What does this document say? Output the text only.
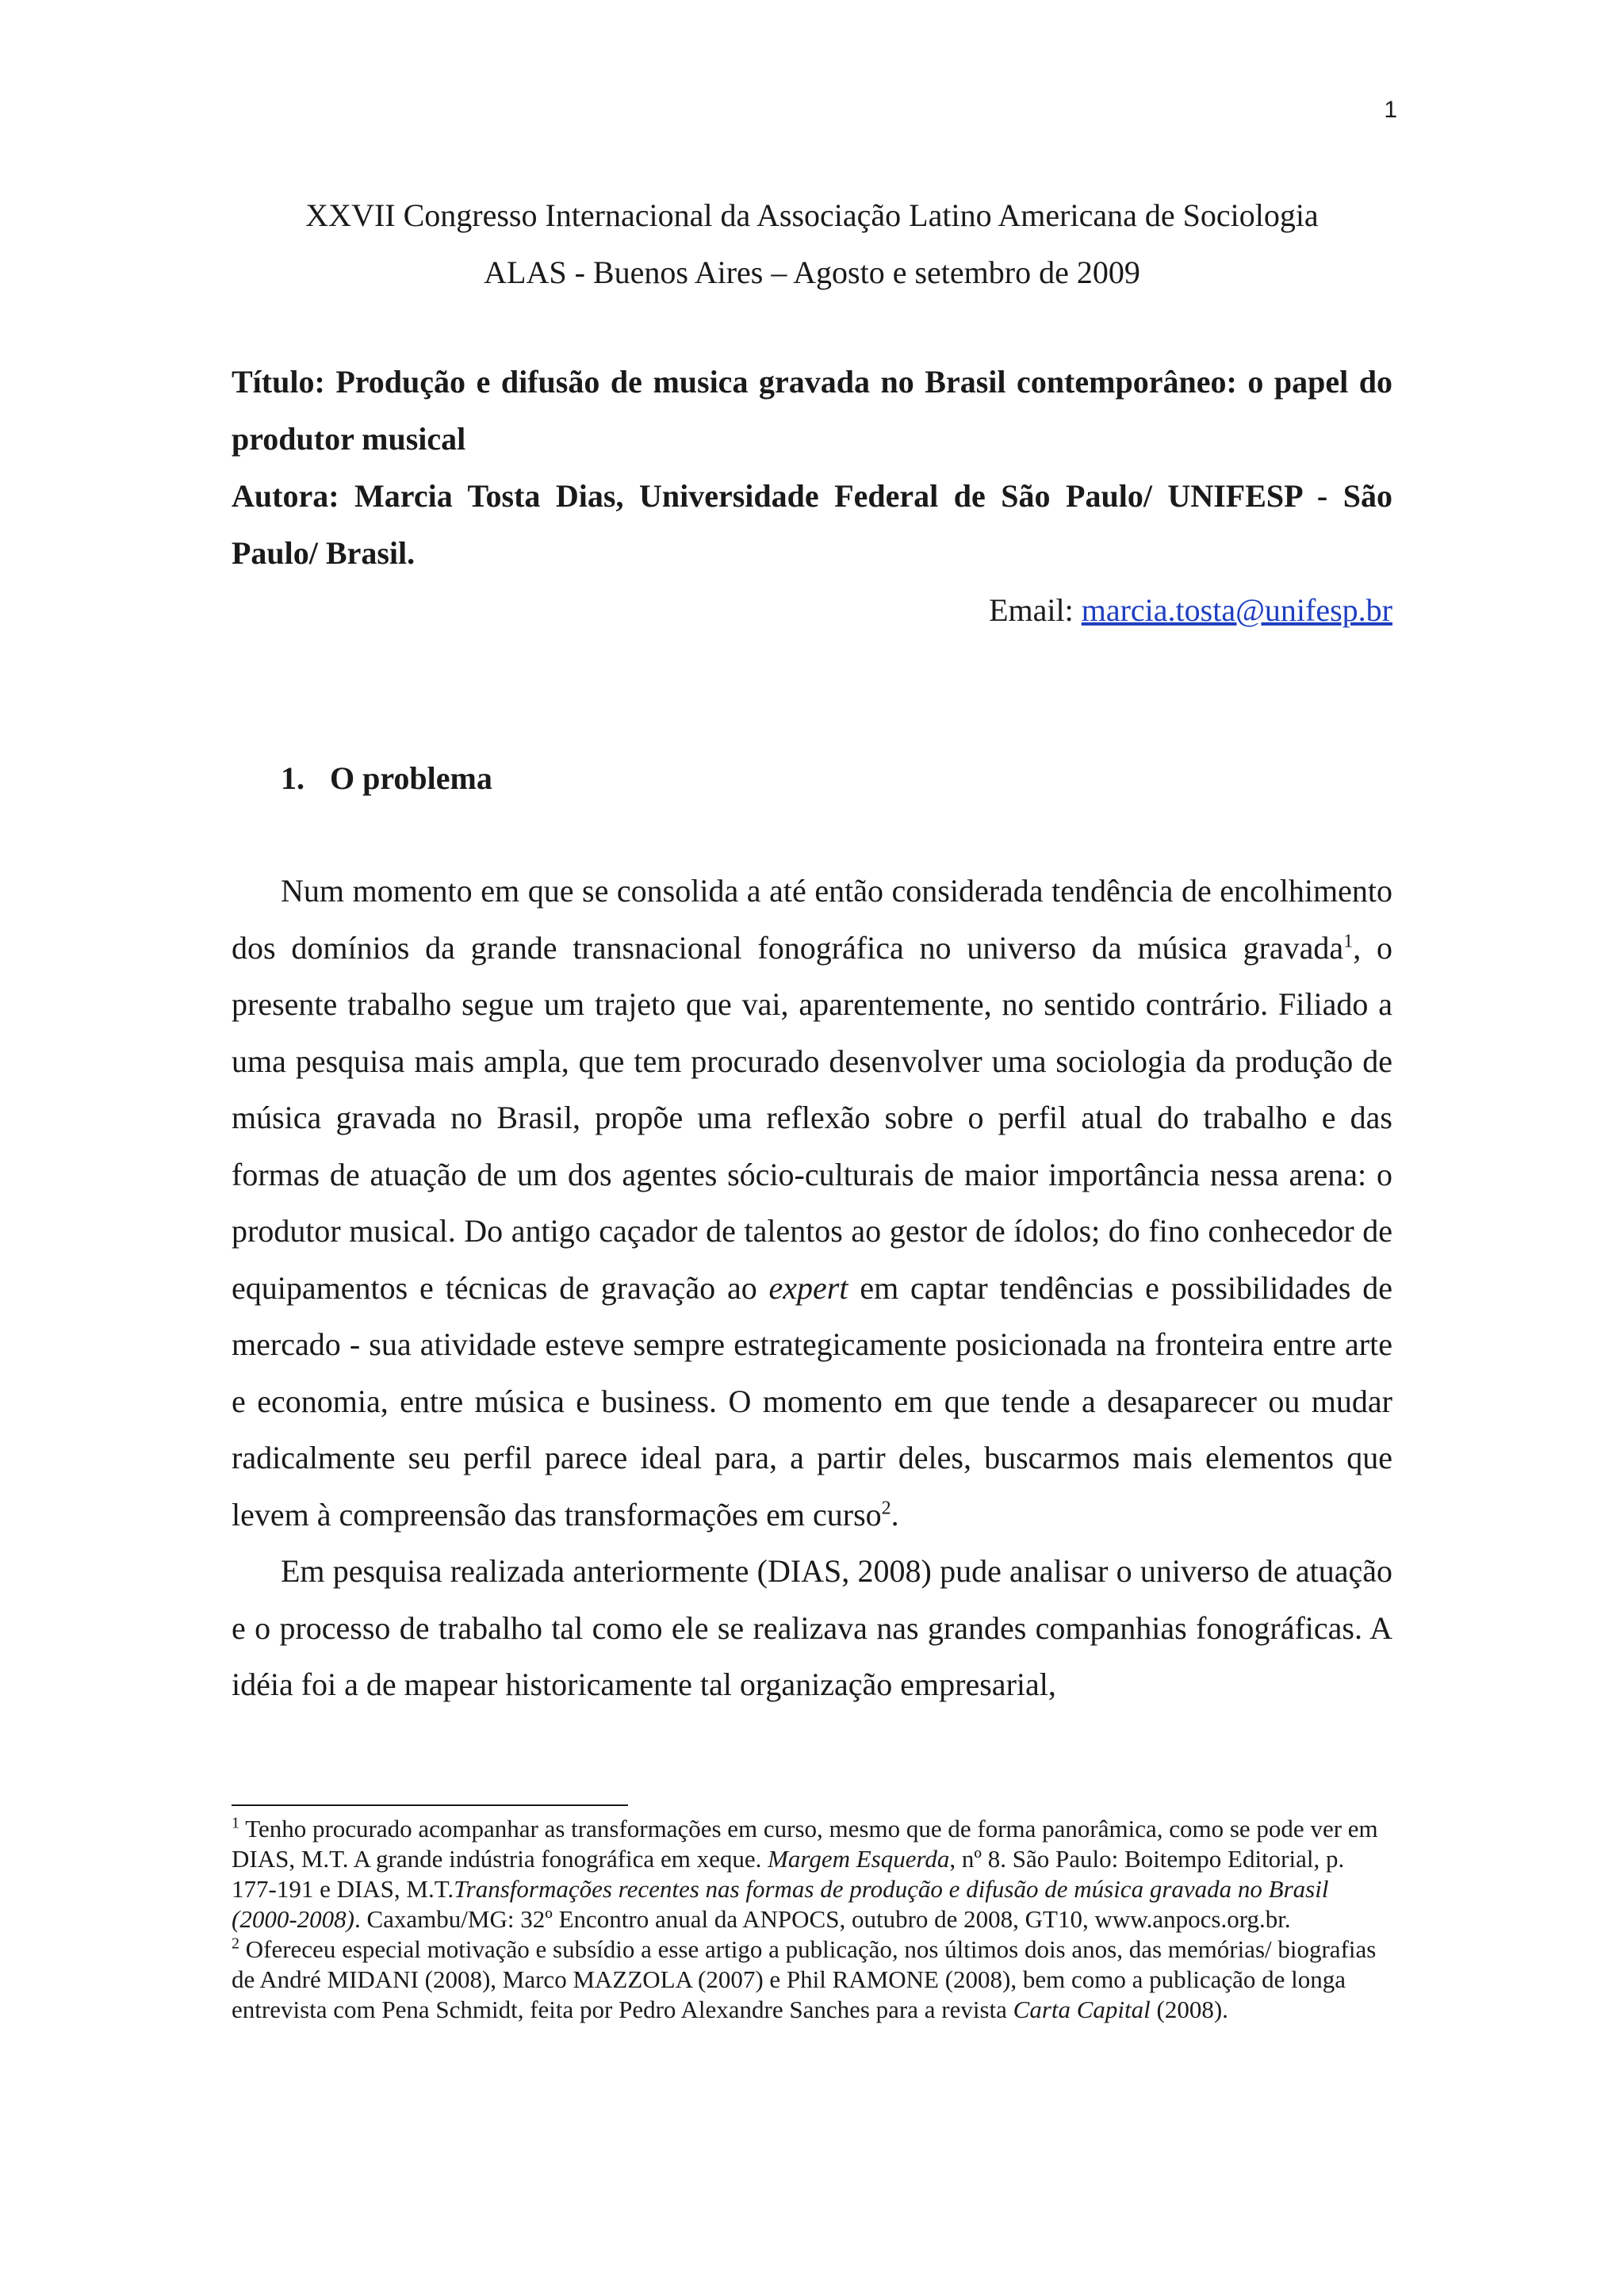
1
XXVII Congresso Internacional da Associação Latino Americana de Sociologia
ALAS - Buenos Aires – Agosto e setembro de 2009

Título: Produção e difusão de musica gravada no Brasil contemporâneo: o papel do produtor musical

Autora: Marcia Tosta Dias, Universidade Federal de São Paulo/ UNIFESP - São Paulo/ Brasil.

Email: marcia.tosta@unifesp.br
1. O problema

Num momento em que se consolida a até então considerada tendência de encolhimento dos domínios da grande transnacional fonográfica no universo da música gravada$^1$, o presente trabalho segue um trajeto que vai, aparentemente, no sentido contrário. Filiado a uma pesquisa mais ampla, que tem procurado desenvolver uma sociologia da produção de música gravada no Brasil, propõe uma reflexão sobre o perfil atual do trabalho e das formas de atuação de um dos agentes sócio-culturais de maior importância nessa arena: o produtor musical. Do antigo caçador de talentos ao gestor de ídolos; do fino conhecedor de equipamentos e técnicas de gravação ao expert em captar tendências e possibilidades de mercado - sua atividade esteve sempre estrategicamente posicionada na fronteira entre arte e economia, entre música e business. O momento em que tende a desaparecer ou mudar radicalmente seu perfil parece ideal para, a partir deles, buscarmos mais elementos que levem à compreensão das transformações em curso$^2$.

Em pesquisa realizada anteriormente (DIAS, 2008) pude analisar o universo de atuação e o processo de trabalho tal como ele se realizava nas grandes companhias fonográficas. A idéia foi a de mapear historicamente tal organização empresarial,

$^1$ Tenho procurado acompanhar as transformações em curso, mesmo que de forma panorâmica, como se pode ver em DIAS, M.T. A grande indústria fonográfica em xeque. Margem Esquerda, nº 8. São Paulo: Boitempo Editorial, p. 177-191 e DIAS, M.T.Transformações recentes nas formas de produção e difusão de música gravada no Brasil (2000-2008). Caxambu/MG: 32º Encontro anual da ANPOCS, outubro de 2008, GT10, www.anpocs.org.br.

$^2$ Ofereceu especial motivação e subsídio a esse artigo a publicação, nos últimos dois anos, das memórias/ biografias de André MIDANI (2008), Marco MAZZOLA (2007) e Phil RAMONE (2008), bem como a publicação de longa entrevista com Pena Schmidt, feita por Pedro Alexandre Sanches para a revista Carta Capital (2008).
